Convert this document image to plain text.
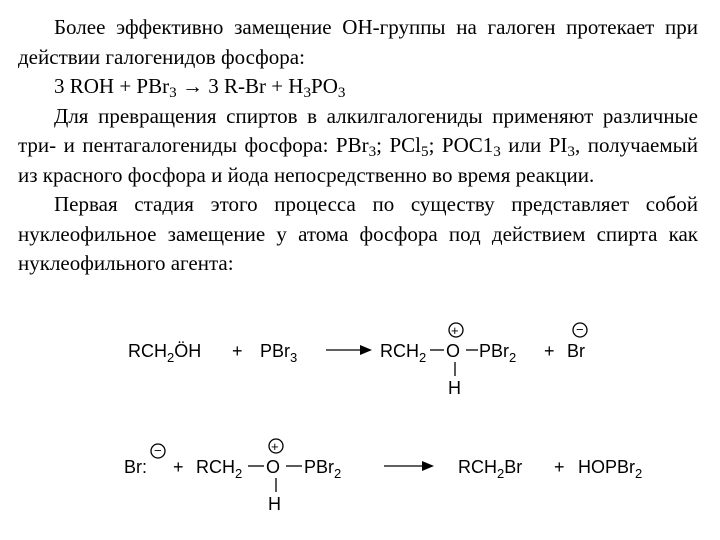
Более эффективно замещение ОН-группы на галоген протекает при действии галогенидов фосфора:

3 ROH + PBr$_3$ → 3 $R-Br + H_3PO_3$

Для превращения спиртов в алкилгалогениды применяют различные три- и пентагалогениды фосфора: PBr$_3$; PCl$_5$; $POC1_3$ или $PI_3$, получаемый из красного фосфора и йода непосредственно во время реакции.

Первая стадия этого процесса по существу представляет собой нуклеофильное замещение у атома фосфора под действием спирта как нуклеофильного агента:

$RCH_2ÖH + PBr_3$	$RCH_2$ O PBr$_2$
+
H
+ Br
−
−
Br: + $RCH_2$ O PBr$_2$
+
H
$RCH_2Br$ + HOPBr$_2$
